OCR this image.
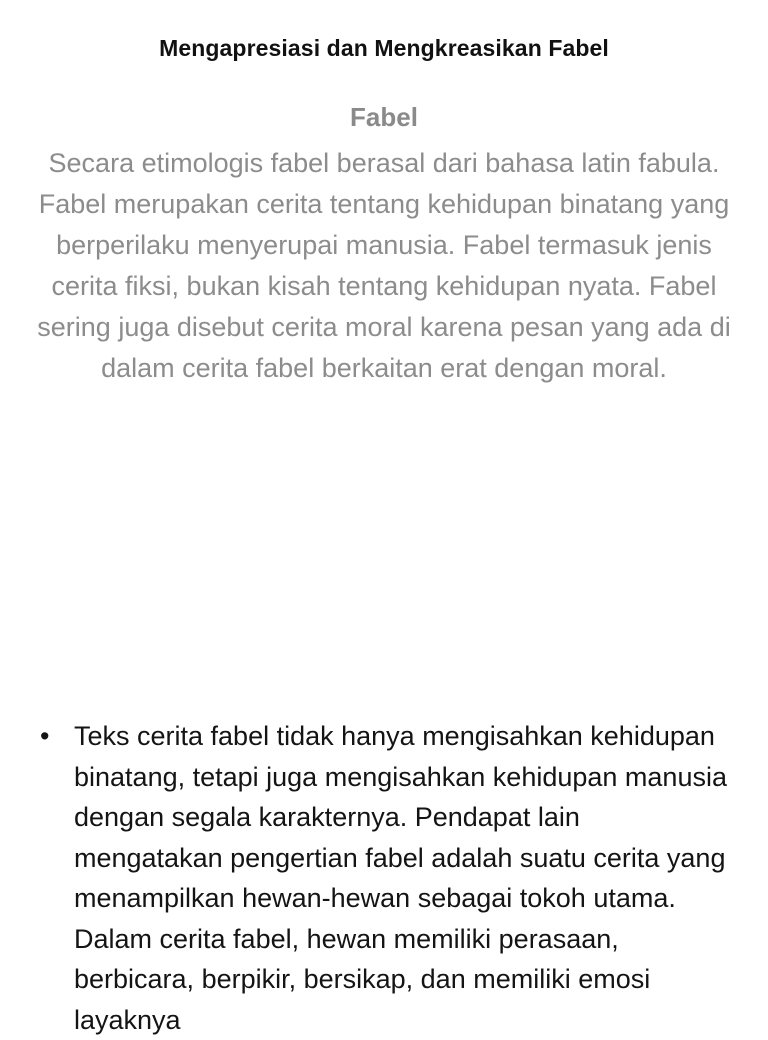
Mengapresiasi dan Mengkreasikan Fabel
Fabel

Secara etimologis fabel berasal dari bahasa latin fabula. Fabel merupakan cerita tentang kehidupan binatang yang berperilaku menyerupai manusia. Fabel termasuk jenis cerita fiksi, bukan kisah tentang kehidupan nyata. Fabel sering juga disebut cerita moral karena pesan yang ada di dalam cerita fabel berkaitan erat dengan moral.

• Teks cerita fabel tidak hanya mengisahkan kehidupan binatang, tetapi juga mengisahkan kehidupan manusia dengan segala karakternya. Pendapat lain mengatakan pengertian fabel adalah suatu cerita yang menampilkan hewan-hewan sebagai tokoh utama. Dalam cerita fabel, hewan memiliki perasaan, berbicara, berpikir, bersikap, dan memiliki emosi layaknya
